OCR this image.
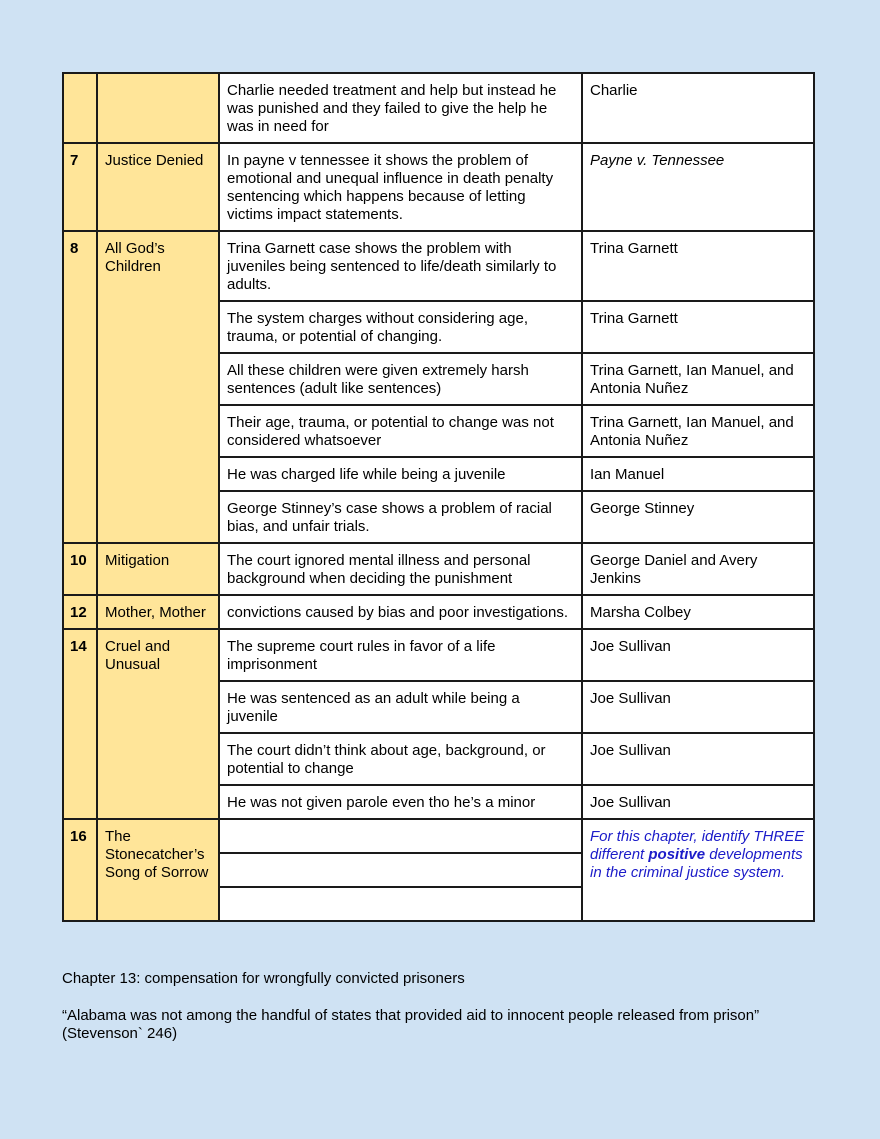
		Charlie needed treatment and help but instead he was punished and they failed to give the help he was in need for	Charlie
7	Justice Denied	In payne v tennessee it shows the problem of emotional and unequal influence in death penalty sentencing which happens because of letting victims impact statements.	Payne v. Tennessee
8	All God’s Children	Trina Garnett case shows the problem with juveniles being sentenced to life/death similarly to adults.	Trina Garnett
		The system charges without considering age, trauma, or potential of changing.	Trina Garnett
		All these children were given extremely harsh sentences (adult like sentences)	Trina Garnett, Ian Manuel, and Antonia Nuñez
		Their age, trauma, or potential to change was not considered whatsoever	Trina Garnett, Ian Manuel, and Antonia Nuñez
		He was charged life while being a juvenile	Ian Manuel
		George Stinney’s case shows a problem of racial bias, and unfair trials.	George Stinney
10	Mitigation	The court ignored mental illness and personal background when deciding the punishment	George Daniel and Avery Jenkins
12	Mother, Mother	convictions caused by bias and poor investigations.	Marsha Colbey
14	Cruel and Unusual	The supreme court rules in favor of a life imprisonment	Joe Sullivan
		He was sentenced as an adult while being a juvenile	Joe Sullivan
		The court didn’t think about age, background, or potential to change	Joe Sullivan
		He was not given parole even tho he’s a minor	Joe Sullivan
16	The Stonecatcher’s Song of Sorrow		For this chapter, identify THREE different positive developments in the criminal justice system.

Chapter 13: compensation for wrongfully convicted prisoners

“Alabama was not among the handful of states that provided aid to innocent people released from prison” (Stevenson` 246)
